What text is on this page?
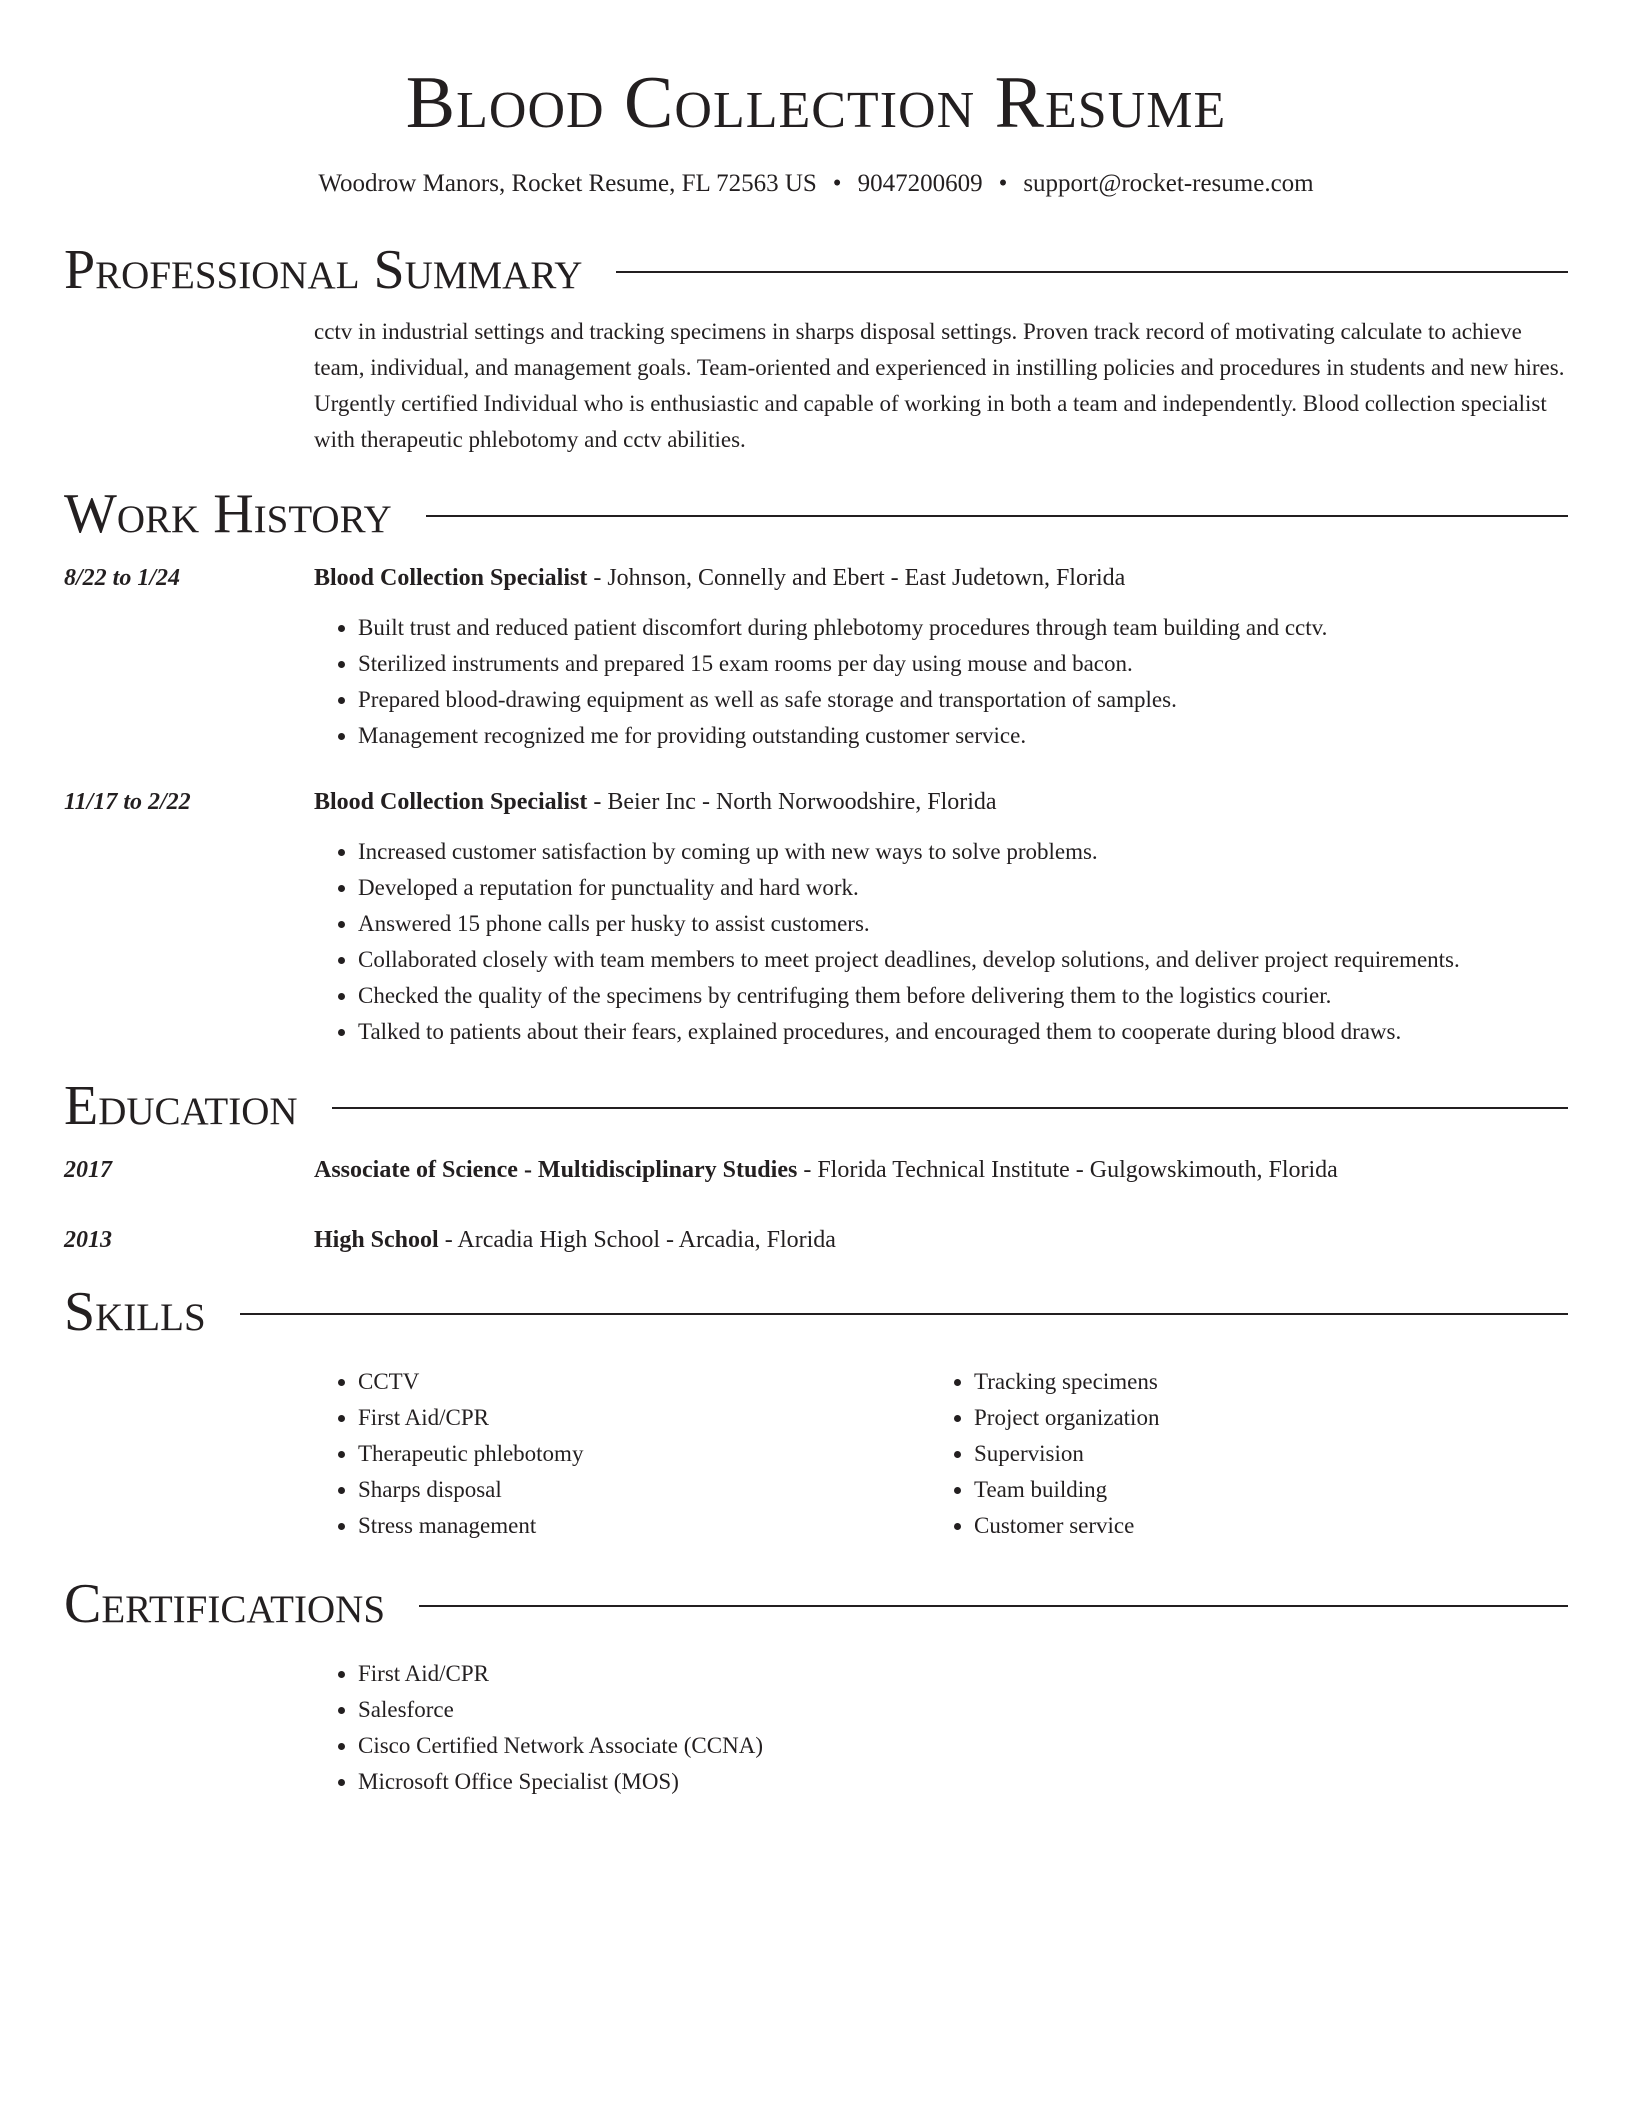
Blood Collection Resume
Woodrow Manors, Rocket Resume, FL 72563 US • 9047200609 • support@rocket-resume.com
Professional Summary
cctv in industrial settings and tracking specimens in sharps disposal settings. Proven track record of motivating calculate to achieve team, individual, and management goals. Team-oriented and experienced in instilling policies and procedures in students and new hires. Urgently certified Individual who is enthusiastic and capable of working in both a team and independently. Blood collection specialist with therapeutic phlebotomy and cctv abilities.
Work History
8/22 to 1/24	Blood Collection Specialist - Johnson, Connelly and Ebert - East Judetown, Florida
• Built trust and reduced patient discomfort during phlebotomy procedures through team building and cctv.
• Sterilized instruments and prepared 15 exam rooms per day using mouse and bacon.
• Prepared blood-drawing equipment as well as safe storage and transportation of samples.
• Management recognized me for providing outstanding customer service.
11/17 to 2/22	Blood Collection Specialist - Beier Inc - North Norwoodshire, Florida
• Increased customer satisfaction by coming up with new ways to solve problems.
• Developed a reputation for punctuality and hard work.
• Answered 15 phone calls per husky to assist customers.
• Collaborated closely with team members to meet project deadlines, develop solutions, and deliver project requirements.
• Checked the quality of the specimens by centrifuging them before delivering them to the logistics courier.
• Talked to patients about their fears, explained procedures, and encouraged them to cooperate during blood draws.
Education
2017	Associate of Science - Multidisciplinary Studies - Florida Technical Institute - Gulgowskimouth, Florida
2013	High School - Arcadia High School - Arcadia, Florida
Skills
• CCTV
• First Aid/CPR
• Therapeutic phlebotomy
• Sharps disposal
• Stress management
• Tracking specimens
• Project organization
• Supervision
• Team building
• Customer service
Certifications
• First Aid/CPR
• Salesforce
• Cisco Certified Network Associate (CCNA)
• Microsoft Office Specialist (MOS)
